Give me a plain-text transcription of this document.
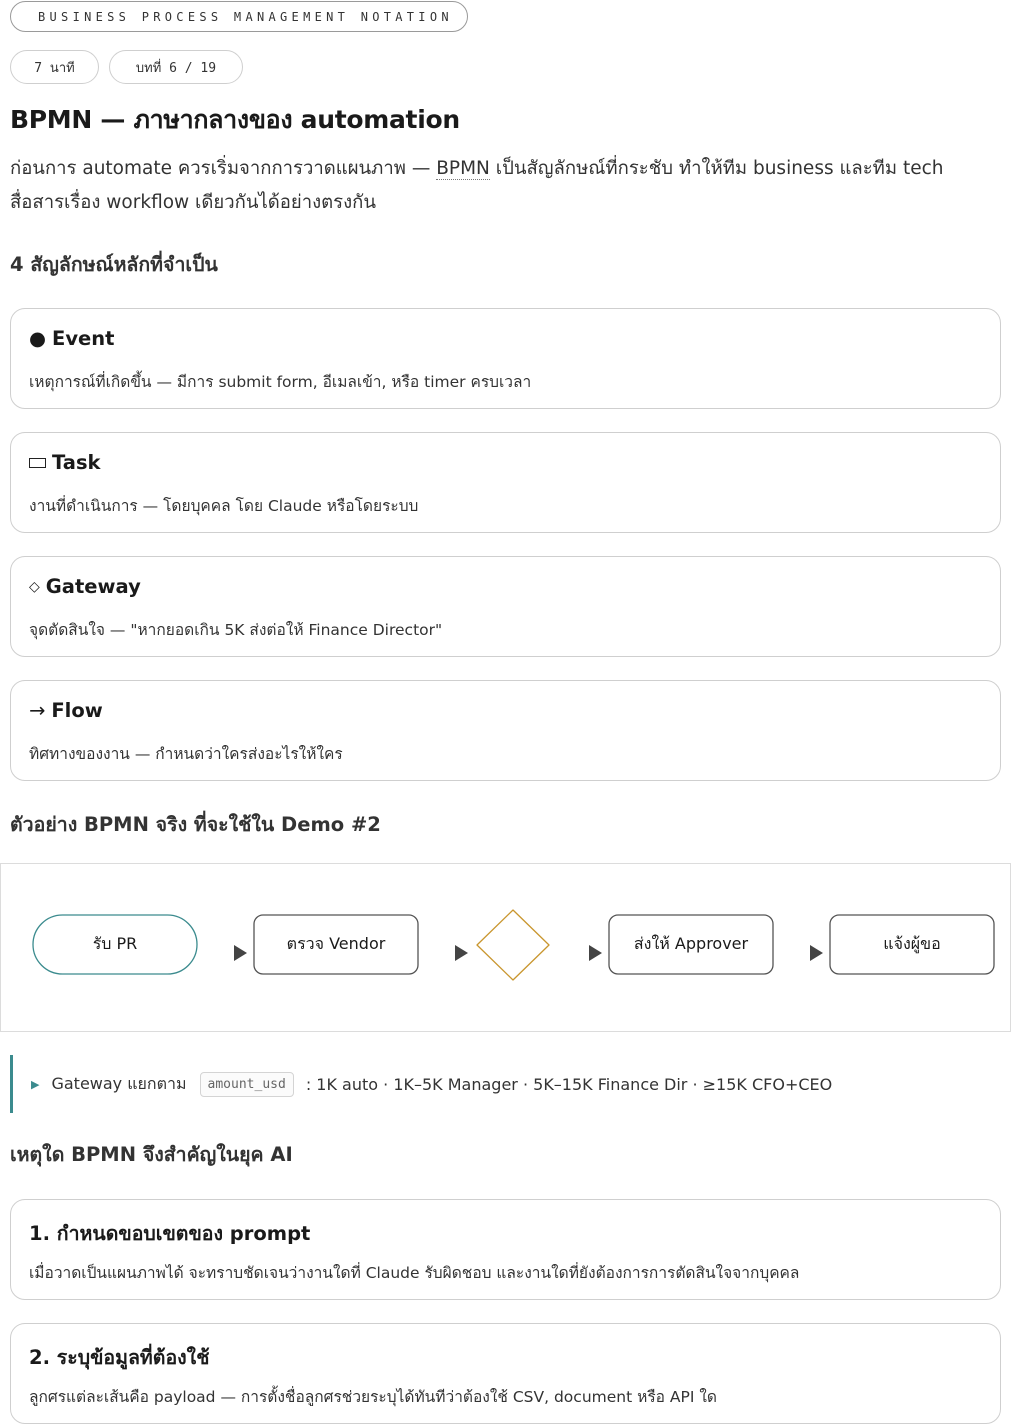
BUSINESS PROCESS MANAGEMENT NOTATION
7 นาที	บทที่ 6 / 19
BPMN — ภาษากลางของ automation

ก่อนการ automate ควรเริ่มจากการวาดแผนภาพ — BPMN เป็นสัญลักษณ์ที่กระชับ ทำให้ทีม business และทีม tech สื่อสารเรื่อง workflow เดียวกันได้อย่างตรงกัน

4 สัญลักษณ์หลักที่จำเป็น
● Event
เหตุการณ์ที่เกิดขึ้น — มีการ submit form, อีเมลเข้า, หรือ timer ครบเวลา
Task
งานที่ดำเนินการ — โดยบุคคล โดย Claude หรือโดยระบบ
◇ Gateway
จุดตัดสินใจ — "หากยอดเกิน 5K ส่งต่อให้ Finance Director"
→ Flow
ทิศทางของงาน — กำหนดว่าใครส่งอะไรให้ใคร
ตัวอย่าง BPMN จริง ที่จะใช้ใน Demo #2
รับ PR	ตรวจ Vendor	ส่งให้ Approver	แจ้งผู้ขอ
▶ Gateway แยกตาม	amount_usd	: 1K auto · 1K–5K Manager · 5K–15K Finance Dir · ≥15K CFO+CEO
เหตุใด BPMN จึงสำคัญในยุค AI
1. กำหนดขอบเขตของ prompt
เมื่อวาดเป็นแผนภาพได้ จะทราบชัดเจนว่างานใดที่ Claude รับผิดชอบ และงานใดที่ยังต้องการการตัดสินใจจากบุคคล
2. ระบุข้อมูลที่ต้องใช้
ลูกศรแต่ละเส้นคือ payload — การตั้งชื่อลูกศรช่วยระบุได้ทันทีว่าต้องใช้ CSV, document หรือ API ใด
